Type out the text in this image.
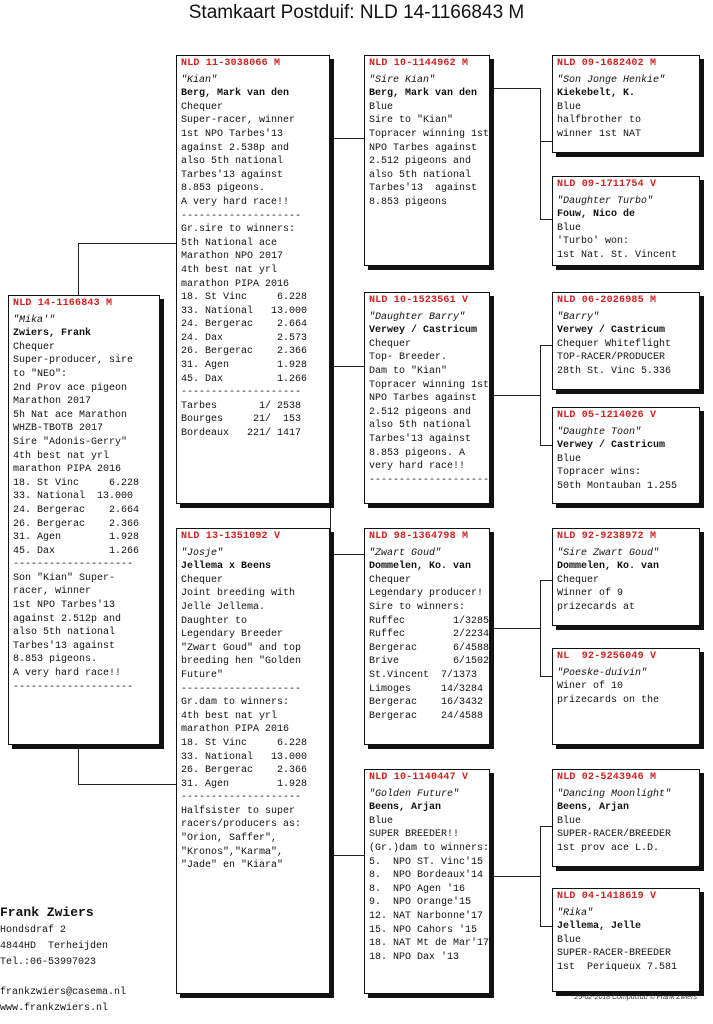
Stamkaart Postduif: NLD 14-1166843 M
NLD 14-1166843 M
"Mika'"
Zwiers, Frank
Chequer
Super-producer, sire
to "NEO":
2nd Prov ace pigeon
Marathon 2017
5h Nat ace Marathon
WHZB-TBOTB 2017
Sire "Adonis-Gerry"
4th best nat yrl
marathon PIPA 2016
18. St Vinc     6.228
33. National  13.000
24. Bergerac    2.664
26. Bergerac    2.366
31. Agen        1.928
45. Dax         1.266
--------------------
Son "Kian" Super-
racer, winner
1st NPO Tarbes'13
against 2.512p and
also 5th national
Tarbes'13 against
8.853 pigeons.
A very hard race!!
--------------------
NLD 11-3038066 M
"Kian"
Berg, Mark van den
Chequer
Super-racer, winner
1st NPO Tarbes'13
against 2.538p and
also 5th national
Tarbes'13 against
8.853 pigeons.
A very hard race!!
--------------------
Gr.sire to winners:
5th National ace
Marathon NPO 2017
4th best nat yrl
marathon PIPA 2016
18. St Vinc     6.228
33. National   13.000
24. Bergerac    2.664
24. Dax         2.573
26. Bergerac    2.366
31. Agen        1.928
45. Dax         1.266
--------------------
Tarbes       1/ 2538
Bourges     21/  153
Bordeaux   221/ 1417
NLD 13-1351092 V
"Josje"
Jellema x Beens
Chequer
Joint breeding with
Jelle Jellema.
Daughter to
Legendary Breeder
"Zwart Goud" and top
breeding hen "Golden
Future"
--------------------
Gr.dam to winners:
4th best nat yrl
marathon PIPA 2016
18. St Vinc     6.228
33. National   13.000
26. Bergerac    2.366
31. Agen        1.928
--------------------
Halfsister to super
racers/producers as:
"Orion, Saffer",
"Kronos","Karma",
"Jade" en "Kiara"
NLD 10-1144962 M
"Sire Kian"
Berg, Mark van den
Blue
Sire to "Kian"
Topracer winning 1st
NPO Tarbes against
2.512 pigeons and
also 5th national
Tarbes'13  against
8.853 pigeons
NLD 10-1523561 V
"Daughter Barry"
Verwey / Castricum
Chequer
Top- Breeder.
Dam to "Kian"
Topracer winning 1st
NPO Tarbes against
2.512 pigeons and
also 5th national
Tarbes'13 against
8.853 pigeons. A
very hard race!!
--------------------
NLD 98-1364798 M
"Zwart Goud"
Dommelen, Ko. van
Chequer
Legendary producer!
Sire to winners:
Ruffec        1/3285
Ruffec        2/2234
Bergerac      6/4588
Brive         6/1502
St.Vincent  7/1373
Limoges     14/3284
Bergerac    16/3432
Bergerac    24/4588
NLD 10-1140447 V
"Golden Future"
Beens, Arjan
Blue
SUPER BREEDER!!
(Gr.)dam to winners:
5.  NPO ST. Vinc'15
8.  NPO Bordeaux'14
8.  NPO Agen '16
9.  NPO Orange'15
12. NAT Narbonne'17
15. NPO Cahors '15
18. NAT Mt de Mar'17
18. NPO Dax '13
NLD 09-1682402 M
"Son Jonge Henkie"
Kiekebelt, K.
Blue
halfbrother to
winner 1st NAT
NLD 09-1711754 V
"Daughter Turbo"
Fouw, Nico de
Blue
'Turbo' won:
1st Nat. St. Vincent
NLD 06-2026985 M
"Barry"
Verwey / Castricum
Chequer Whiteflight
TOP-RACER/PRODUCER
28th St. Vinc 5.336
NLD 05-1214026 V
"Daughte Toon"
Verwey / Castricum
Blue
Topracer wins:
50th Montauban 1.255
NLD 92-9238972 M
"Sire Zwart Goud"
Dommelen, Ko. van
Chequer
Winner of 9
prizecards at
NL  92-9256049 V
"Poeske-duivin"
Winer of 10
prizecards on the
NLD 02-5243946 M
"Dancing Moonlight"
Beens, Arjan
Blue
SUPER-RACER/BREEDER
1st prov ace L.D.
NLD 04-1418619 V
"Rika"
Jellema, Jelle
Blue
SUPER-RACER-BREEDER
1st  Periqueux 7.581
Frank Zwiers
Hondsdraf 2
4844HD  Terheijden
Tel.:06-53997023
frankzwiers@casema.nl
www.frankzwiers.nl
25-02-2018 Compuclub © Frank Zwiers
